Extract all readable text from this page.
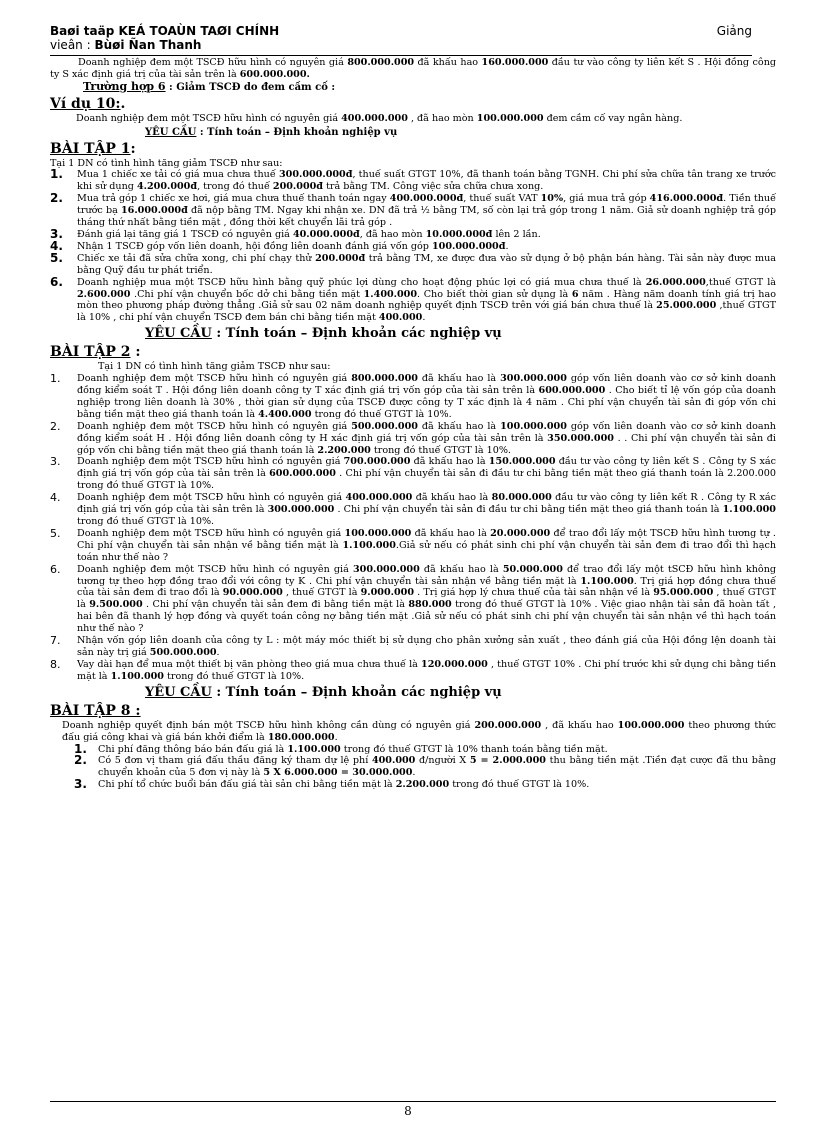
Baøi taäp KEÁ TOAÙN TAØI CHÍNH	Giảng
vieân : Bùøi Ñan Thanh

Doanh nghiệp đem một TSCĐ hữu hình có nguyên giá 800.000.000 đã khấu hao 160.000.000 đầu tư vào công ty liên kết S . Hội đồng công ty S xác định giá trị của tài sản trên là 600.000.000.

Trường hợp 6 : Giảm TSCĐ do đem cầm cố :

Ví dụ 10:.

Doanh nghiệp đem một TSCĐ hữu hình có nguyên giá 400.000.000 , đã hao mòn 100.000.000 đem cầm cố vay ngân hàng.

YÊU CẦU : Tính toán – Định khoản nghiệp vụ
BÀI TẬP 1:

Tại 1 DN có tình hình tăng giảm TSCĐ như sau:

1. Mua 1 chiếc xe tải có giá mua chưa thuế 300.000.000đ, thuế suất GTGT 10%, đã thanh toán bằng TGNH. Chi phí sửa chữa tân trang xe trước khi sử dụng 4.200.000đ, trong đó thuế 200.000đ trả bằng TM. Công việc sửa chữa chưa xong.
2. Mua trả góp 1 chiếc xe hơi, giá mua chưa thuế thanh toán ngay 400.000.000đ, thuế suất VAT 10%, giá mua trả góp 416.000.000đ. Tiền thuế trước bạ 16.000.000đ đã nộp bằng TM. Ngay khi nhận xe. DN đã trả ½ bằng TM, số còn lại trả góp trong 1 năm. Giả sử doanh nghiệp trả góp tháng thứ nhất bằng tiền mặt , đồng thời kết chuyển lãi trả góp .
3. Đánh giá lại tăng giá 1 TSCĐ có nguyên giá 40.000.000đ, đã hao mòn 10.000.000đ lên 2 lần.
4. Nhận 1 TSCĐ góp vốn liên doanh, hội đồng liên doanh đánh giá vốn góp 100.000.000đ.
5. Chiếc xe tải đã sửa chữa xong, chi phí chạy thử 200.000đ trả bằng TM, xe được đưa vào sử dụng ở bộ phận bán hàng. Tài sản này được mua bằng Quỹ đầu tư phát triển.
6. Doanh nghiệp mua một TSCĐ hữu hình bằng quỹ phúc lợi dùng cho hoạt động phúc lợi có giá mua chưa thuế là 26.000.000,thuế GTGT là 2.600.000 .Chi phí vận chuyển bốc dở chi bằng tiền mặt 1.400.000. Cho biết thời gian sử dụng là 6 năm . Hàng năm doanh tính giá trị hao mòn theo phương pháp đường thẳng .Giả sử sau 02 năm doanh nghiệp quyết định TSCĐ trên với giá bán chưa thuế là 25.000.000 ,thuế GTGT là 10% , chi phí vận chuyển TSCĐ đem bán chi bằng tiền mặt 400.000.
YÊU CẦU : Tính toán – Định khoản các nghiệp vụ
BÀI TẬP 2 :

Tại 1 DN có tình hình tăng giảm TSCĐ như sau:

1. Doanh nghiệp đem một TSCĐ hữu hình có nguyên giá 800.000.000 đã khấu hao là 300.000.000 góp vốn liên doanh vào cơ sở kinh doanh đồng kiểm soát T . Hội đồng liên doanh công ty T xác định giá trị vốn góp của tài sản trên là 600.000.000 . Cho biết tỉ lệ vốn góp của doanh nghiệp trong liên doanh là 30% , thời gian sử dụng của TSCĐ được công ty T xác định là 4 năm . Chi phí vận chuyển tài sản đi góp vốn chi bằng tiền mặt theo giá thanh toán là 4.400.000 trong đó thuế GTGT là 10%.
2. Doanh nghiệp đem một TSCĐ hữu hình có nguyên giá 500.000.000 đã khấu hao là 100.000.000 góp vốn liên doanh vào cơ sở kinh doanh đồng kiểm soát H . Hội đồng liên doanh công ty H xác định giá trị vốn góp của tài sản trên là 350.000.000 . . Chi phí vận chuyển tài sản đi góp vốn chi bằng tiền mặt theo giá thanh toán là 2.200.000 trong đó thuế GTGT là 10%.
3. Doanh nghiệp đem một TSCĐ hữu hình có nguyên giá 700.000.000 đã khấu hao là 150.000.000 đầu tư vào công ty liên kết S . Công ty S xác định giá trị vốn góp của tài sản trên là 600.000.000 . Chi phí vận chuyển tài sản đi đầu tư chi bằng tiền mặt theo giá thanh toán là 2.200.000 trong đó thuế GTGT là 10%.
4. Doanh nghiệp đem một TSCĐ hữu hình có nguyên giá 400.000.000 đã khấu hao là 80.000.000 đầu tư vào công ty liên kết R . Công ty R xác định giá trị vốn góp của tài sản trên là 300.000.000 . Chi phí vận chuyển tài sản đi đầu tư chi bằng tiền mặt theo giá thanh toán là 1.100.000 trong đó thuế GTGT là 10%.
5. Doanh nghiệp đem một TSCĐ hữu hình có nguyên giá 100.000.000 đã khấu hao là 20.000.000 để trao đổi lấy một TSCĐ hữu hình tương tự . Chi phí vận chuyển tài sản nhận về bằng tiền mặt là 1.100.000.Giả sử nếu có phát sinh chi phí vận chuyển tài sản đem đi trao đổi thì hạch toán như thế nào ?
6. Doanh nghiệp đem một TSCĐ hữu hình có nguyên giá 300.000.000 đã khấu hao là 50.000.000 để trao đổi lấy một tSCĐ hữu hình không tương tự theo hợp đồng trao đổi với công ty K . Chi phí vận chuyển tài sản nhận về bằng tiền mặt là 1.100.000. Trị giá hợp đồng chưa thuế của tài sản đem đi trao đổi là 90.000.000 , thuế GTGT là 9.000.000 . Trị giá hợp lý chưa thuế của tài sản nhận về là 95.000.000 , thuế GTGT là 9.500.000 . Chi phí vận chuyển tài sản đem đi bằng tiền mặt là 880.000 trong đó thuế GTGT là 10% . Việc giao nhận tài sản đã hoàn tất , hai bên đã thanh lý hợp đồng và quyết toán công nợ bằng tiền mặt .Giả sử nếu có phát sinh chi phí vận chuyển tài sản nhận về thì hạch toán như thế nào ?
7. Nhận vốn góp liên doanh của công ty L : một máy móc thiết bị sử dụng cho phân xưởng sản xuất , theo đánh giá của Hội đồng lện doanh tài sản này trị giá 500.000.000.
8. Vay dài hạn để mua một thiết bị văn phòng theo giá mua chưa thuế là 120.000.000 , thuế GTGT 10% . Chi phí trước khi sử dụng chi bằng tiền mặt là 1.100.000 trong đó thuế GTGT là 10%.
YÊU CẦU : Tính toán – Định khoản các nghiệp vụ
BÀI TẬP 8 :

Doanh nghiệp quyết định bán một TSCĐ hữu hình không cần dùng có nguyên giá 200.000.000 , đã khấu hao 100.000.000 theo phương thức đấu giá công khai và giá bán khởi điểm là 180.000.000.

1. Chi phí đăng thông báo bán đấu giá là 1.100.000 trong đó thuế GTGT là 10% thanh toán bằng tiền mặt.
2. Có 5 đơn vị tham giá đấu thầu đăng ký tham dự lệ phí 400.000 đ/người X 5 = 2.000.000 thu bằng tiền mặt .Tiền đạt cược đã thu bằng chuyển khoản của 5 đơn vị này là 5 X 6.000.000 = 30.000.000.
3. Chi phí tổ chức buổi bán đấu giá tài sản chi bằng tiền mặt là 2.200.000 trong đó thuế GTGT là 10%.
8
